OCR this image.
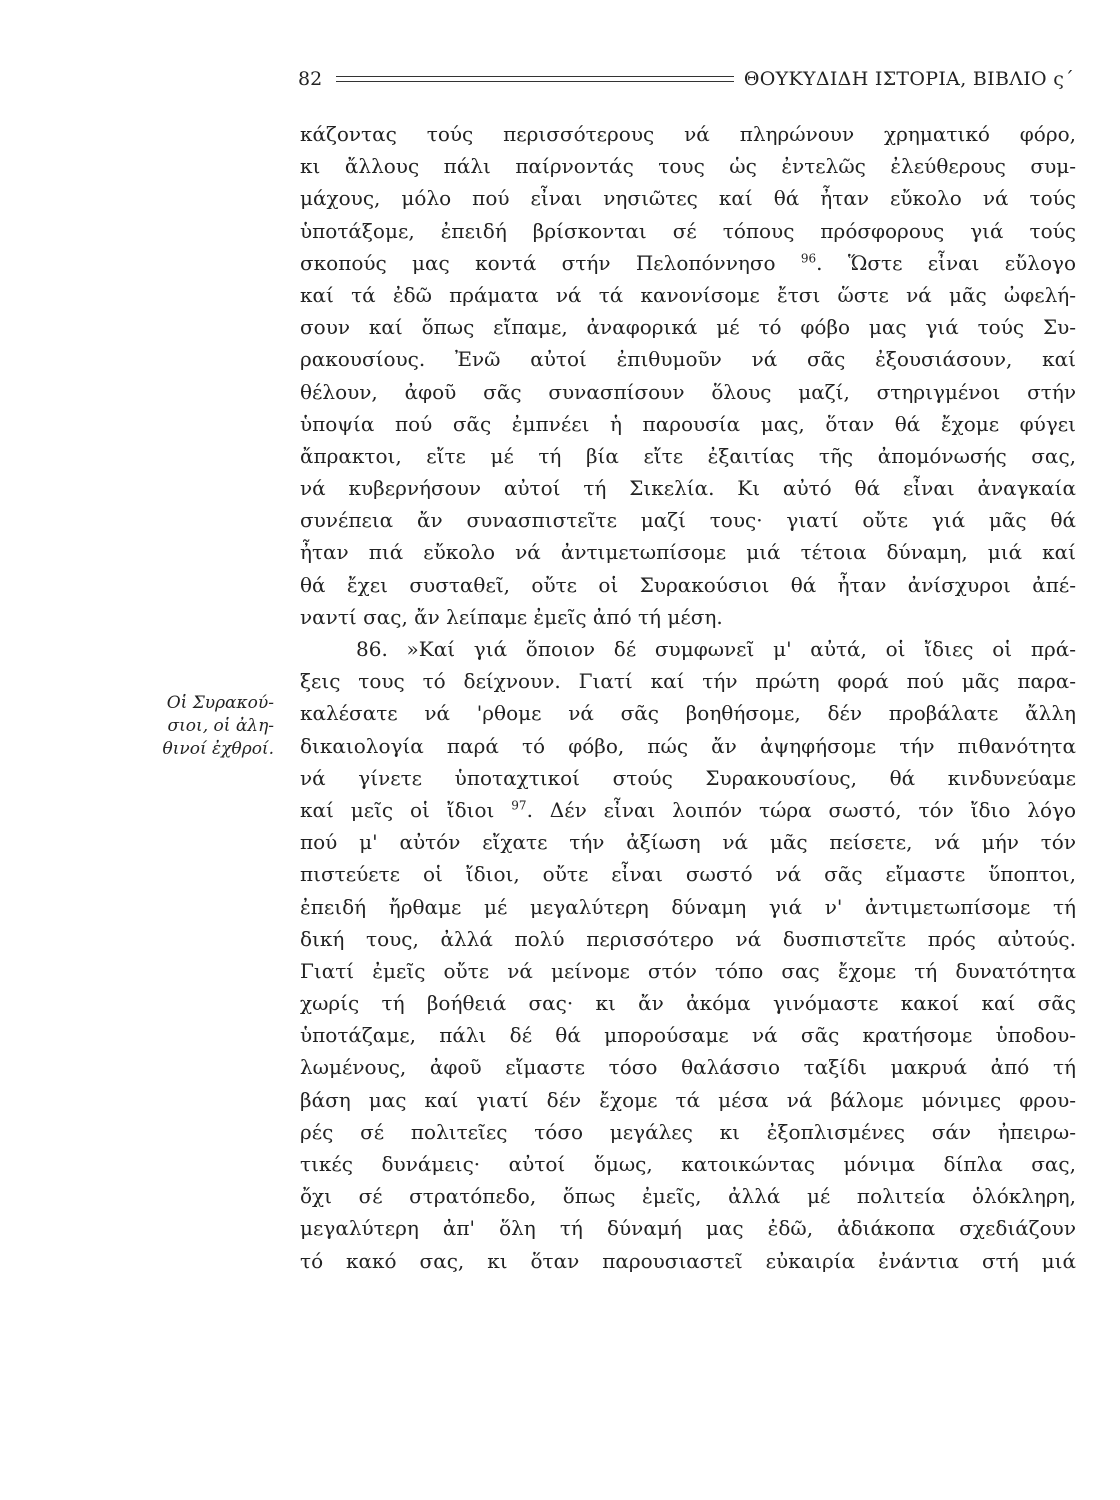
82	ΘΟΥΚΥΔΙΔΗ ΙΣΤΟΡΙΑ, ΒΙΒΛΙΟ ς΄
Οἱ Συρακού-
σιοι, οἱ ἀλη-
θινοί ἐχθροί.
κάζοντας τούς περισσότερους νά πληρώνουν χρηματικό φόρο,
κι ἄλλους πάλι παίρνοντάς τους ὡς ἐντελῶς ἐλεύθερους συμ-
μάχους, μόλο πού εἶναι νησιῶτες καί θά ἦταν εὔκολο νά τούς
ὑποτάξομε, ἐπειδή βρίσκονται σέ τόπους πρόσφορους γιά τούς
σκοπούς μας κοντά στήν Πελοπόννησο $^{96}$. Ὥστε εἶναι εὔλογο
καί τά ἐδῶ πράματα νά τά κανονίσομε ἔτσι ὥστε νά μᾶς ὠφελή-
σουν καί ὅπως εἴπαμε, ἀναφορικά μέ τό φόβο μας γιά τούς Συ-
ρακουσίους. Ἐνῶ αὐτοί ἐπιθυμοῦν νά σᾶς ἐξουσιάσουν, καί
θέλουν, ἀφοῦ σᾶς συνασπίσουν ὅλους μαζί, στηριγμένοι στήν
ὑποψία πού σᾶς ἐμπνέει ἡ παρουσία μας, ὅταν θά ἔχομε φύγει
ἄπρακτοι, εἴτε μέ τή βία εἴτε ἐξαιτίας τῆς ἀπομόνωσής σας,
νά κυβερνήσουν αὐτοί τή Σικελία. Κι αὐτό θά εἶναι ἀναγκαία
συνέπεια ἄν συνασπιστεῖτε μαζί τους· γιατί οὔτε γιά μᾶς θά
ἦταν πιά εὔκολο νά ἀντιμετωπίσομε μιά τέτοια δύναμη, μιά καί
θά ἔχει συσταθεῖ, οὔτε οἱ Συρακούσιοι θά ἦταν ἀνίσχυροι ἀπέ-
ναντί σας, ἄν λείπαμε ἐμεῖς ἀπό τή μέση.
86. »Καί γιά ὅποιον δέ συμφωνεῖ μ' αὐτά, οἱ ἴδιες οἱ πρά-
ξεις τους τό δείχνουν. Γιατί καί τήν πρώτη φορά πού μᾶς παρα-
καλέσατε νά 'ρθομε νά σᾶς βοηθήσομε, δέν προβάλατε ἄλλη
δικαιολογία παρά τό φόβο, πώς ἄν ἀψηφήσομε τήν πιθανότητα
νά γίνετε ὑποταχτικοί στούς Συρακουσίους, θά κινδυνεύαμε
καί μεῖς οἱ ἴδιοι $^{97}$. Δέν εἶναι λοιπόν τώρα σωστό, τόν ἴδιο λόγο
πού μ' αὐτόν εἴχατε τήν ἀξίωση νά μᾶς πείσετε, νά μήν τόν
πιστεύετε οἱ ἴδιοι, οὔτε εἶναι σωστό νά σᾶς εἴμαστε ὕποπτοι,
ἐπειδή ἤρθαμε μέ μεγαλύτερη δύναμη γιά ν' ἀντιμετωπίσομε τή
δική τους, ἀλλά πολύ περισσότερο νά δυσπιστεῖτε πρός αὐτούς.
Γιατί ἐμεῖς οὔτε νά μείνομε στόν τόπο σας ἔχομε τή δυνατότητα
χωρίς τή βοήθειά σας· κι ἄν ἀκόμα γινόμαστε κακοί καί σᾶς
ὑποτάζαμε, πάλι δέ θά μπορούσαμε νά σᾶς κρατήσομε ὑποδου-
λωμένους, ἀφοῦ εἴμαστε τόσο θαλάσσιο ταξίδι μακρυά ἀπό τή
βάση μας καί γιατί δέν ἔχομε τά μέσα νά βάλομε μόνιμες φρου-
ρές σέ πολιτεῖες τόσο μεγάλες κι ἐξοπλισμένες σάν ἠπειρω-
τικές δυνάμεις· αὐτοί ὅμως, κατοικώντας μόνιμα δίπλα σας,
ὄχι σέ στρατόπεδο, ὅπως ἐμεῖς, ἀλλά μέ πολιτεία ὁλόκληρη,
μεγαλύτερη ἀπ' ὅλη τή δύναμή μας ἐδῶ, ἀδιάκοπα σχεδιάζουν
τό κακό σας, κι ὅταν παρουσιαστεῖ εὐκαιρία ἐνάντια στή μιά
